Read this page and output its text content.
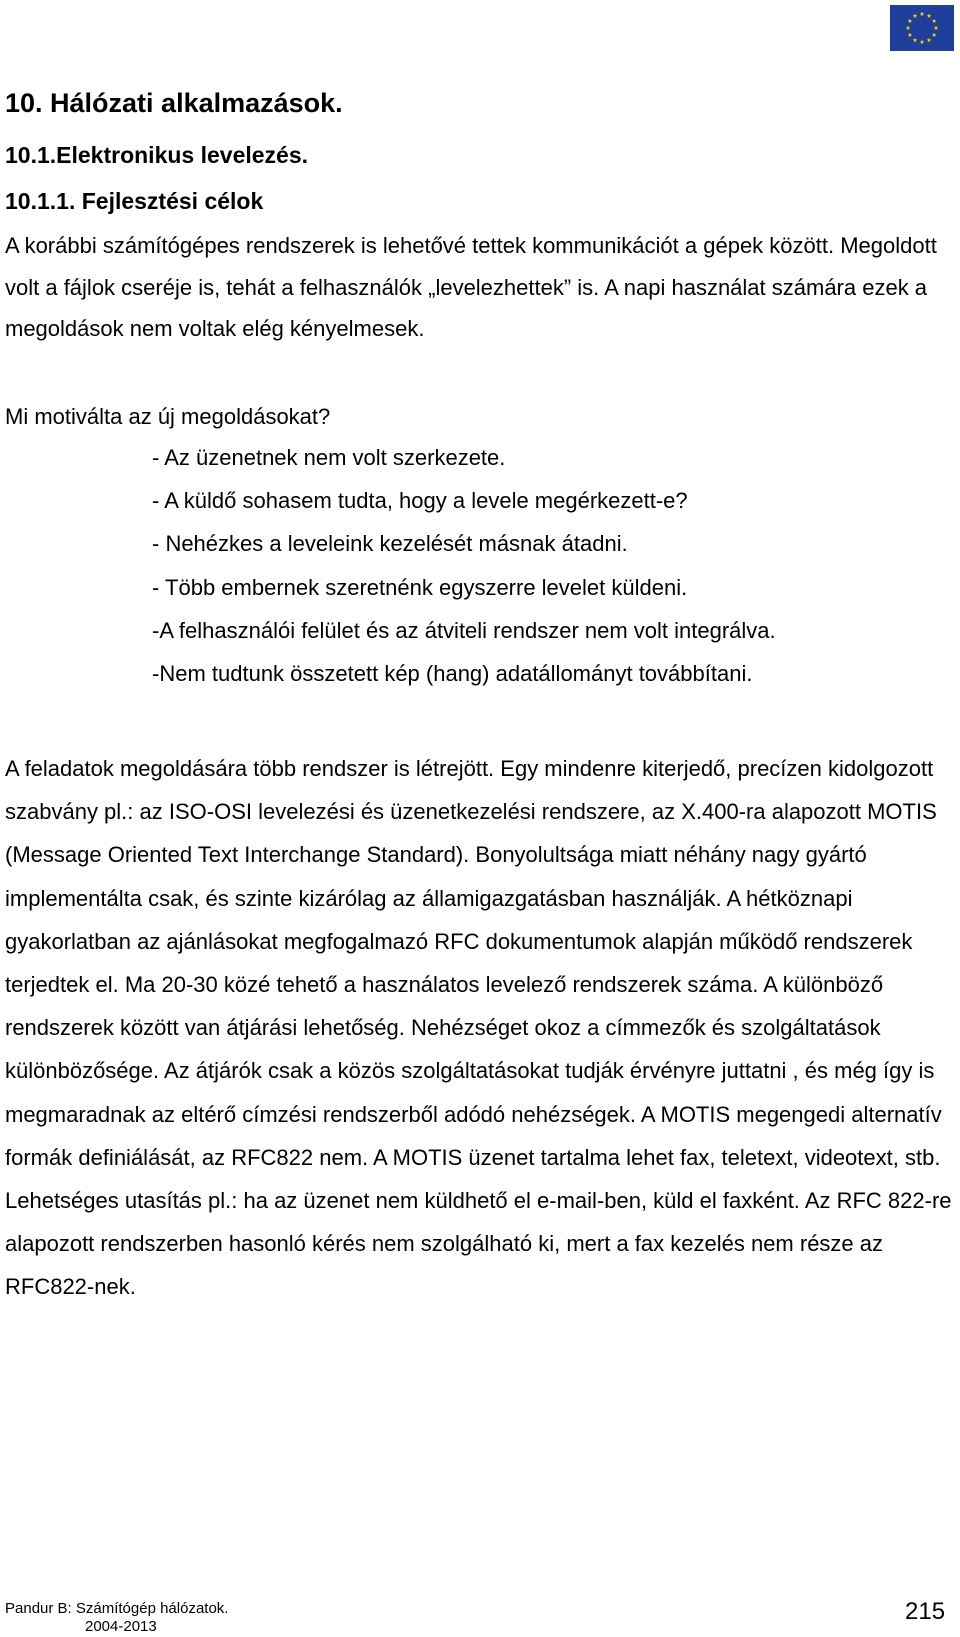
10. Hálózati alkalmazások.
10.1.Elektronikus levelezés.
10.1.1. Fejlesztési célok

A korábbi számítógépes rendszerek is lehetővé tettek kommunikációt a gépek között. Megoldott volt a fájlok cseréje is, tehát a felhasználók „levelezhettek” is. A napi használat számára ezek a megoldások nem voltak elég kényelmesek.

Mi motiválta az új megoldásokat?

- Az üzenetnek nem volt szerkezete.
- A küldő sohasem tudta, hogy a levele megérkezett-e?
- Nehézkes a leveleink kezelését másnak átadni.
- Több embernek szeretnénk egyszerre levelet küldeni.
-A felhasználói felület és az átviteli rendszer nem volt integrálva.
-Nem tudtunk összetett kép (hang) adatállományt továbbítani.

A feladatok megoldására több rendszer is létrejött. Egy mindenre kiterjedő, precízen kidolgozott szabvány pl.: az ISO-OSI levelezési és üzenetkezelési rendszere, az X.400-ra alapozott MOTIS (Message Oriented Text Interchange Standard). Bonyolultsága miatt néhány nagy gyártó implementálta csak, és szinte kizárólag az államigazgatásban használják. A hétköznapi gyakorlatban az ajánlásokat megfogalmazó RFC dokumentumok alapján működő rendszerek terjedtek el. Ma 20-30 közé tehető a használatos levelező rendszerek száma. A különböző rendszerek között van átjárási lehetőség. Nehézséget okoz a címmezők és szolgáltatások különbözősége. Az átjárók csak a közös szolgáltatásokat tudják érvényre juttatni , és még így is megmaradnak az eltérő címzési rendszerből adódó nehézségek. A MOTIS megengedi alternatív formák definiálását, az RFC822 nem. A MOTIS üzenet tartalma lehet fax, teletext, videotext, stb. Lehetséges utasítás pl.: ha az üzenet nem küldhető el e-mail-ben, küld el faxként. Az RFC 822-re alapozott rendszerben hasonló kérés nem szolgálható ki, mert a fax kezelés nem része az RFC822-nek.

Pandur B: Számítógép hálózatok.
2004-2013
215
